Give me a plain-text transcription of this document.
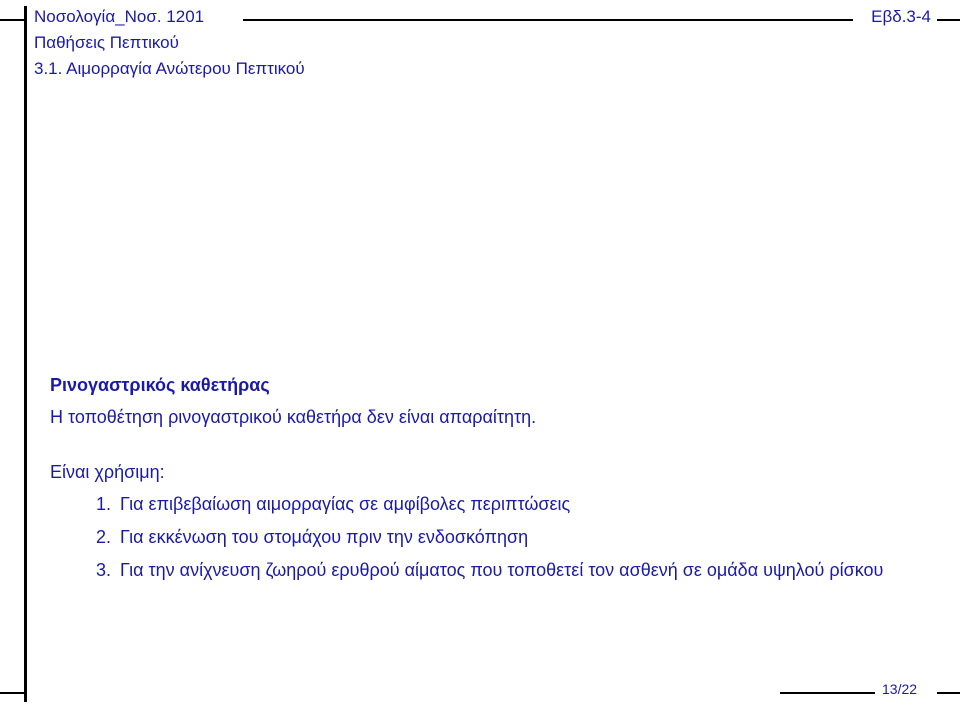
Νοσολογία_Νοσ. 1201
Παθήσεις Πεπτικού
3.1. Αιμορραγία Ανώτερου Πεπτικού
Εβδ.3-4

Ρινογαστρικός καθετήρας

Η τοποθέτηση ρινογαστρικού καθετήρα δεν είναι απαραίτητη.

Είναι χρήσιμη:

1. Για επιβεβαίωση αιμορραγίας σε αμφίβολες περιπτώσεις
2. Για εκκένωση του στομάχου πριν την ενδοσκόπηση
3. Για την ανίχνευση ζωηρού ερυθρού αίματος που τοποθετεί τον ασθενή σε ομάδα υψηλού ρίσκου
13/22
